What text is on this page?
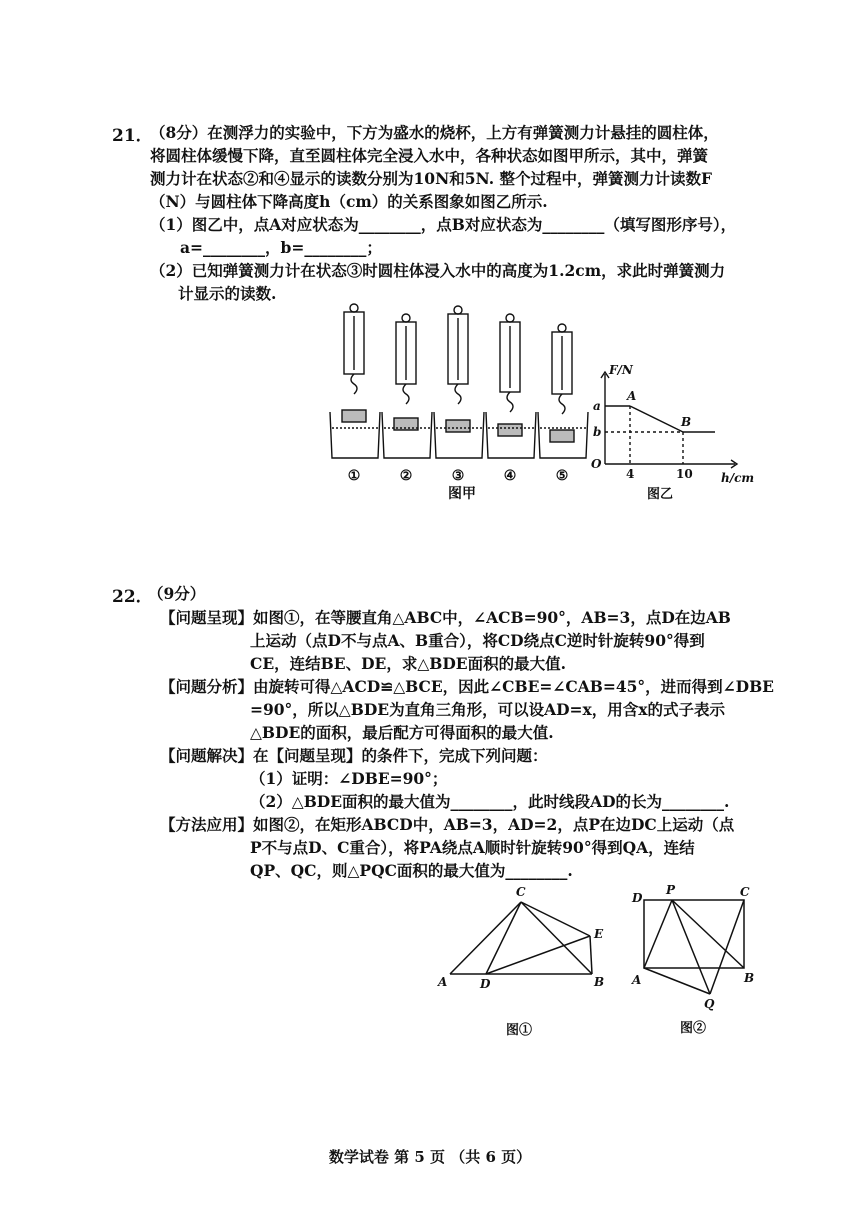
21．
（8分）在测浮力的实验中，下方为盛水的烧杯，上方有弹簧测力计悬挂的圆柱体，
将圆柱体缓慢下降，直至圆柱体完全浸入水中，各种状态如图甲所示，其中，弹簧
测力计在状态②和④显示的读数分别为10N和5N. 整个过程中，弹簧测力计读数F
（N）与圆柱体下降高度h（cm）的关系图象如图乙所示.
（1）图乙中，点A对应状态为________，点B对应状态为________（填写图形序号），
a=________，b=________；
（2）已知弹簧测力计在状态③时圆柱体浸入水中的高度为1.2cm，求此时弹簧测力
计显示的读数.
①	②	③	④	⑤
图甲
F/N
h/cm
O
a
b
A
B
4	10
图乙
22．
（9分）
【问题呈现】如图①，在等腰直角△ABC中，∠ACB=90°，AB=3，点D在边AB
上运动（点D不与点A、B重合），将CD绕点C逆时针旋转90°得到
CE，连结BE、DE，求△BDE面积的最大值.
【问题分析】由旋转可得△ACD≌△BCE，因此∠CBE=∠CAB=45°，进而得到∠DBE
=90°，所以△BDE为直角三角形，可以设AD=x，用含x的式子表示
△BDE的面积，最后配方可得面积的最大值.
【问题解决】在【问题呈现】的条件下，完成下列问题：
（1）证明：∠DBE=90°；
（2）△BDE面积的最大值为________，此时线段AD的长为________.
【方法应用】如图②，在矩形ABCD中，AB=3，AD=2，点P在边DC上运动（点
P不与点D、C重合），将PA绕点A顺时针旋转90°得到QA，连结
QP、QC，则△PQC面积的最大值为________.
C
A	D	B
E
图①
D
P	C
A	B
Q
图②
数学试卷 第 5 页 （共 6 页）
